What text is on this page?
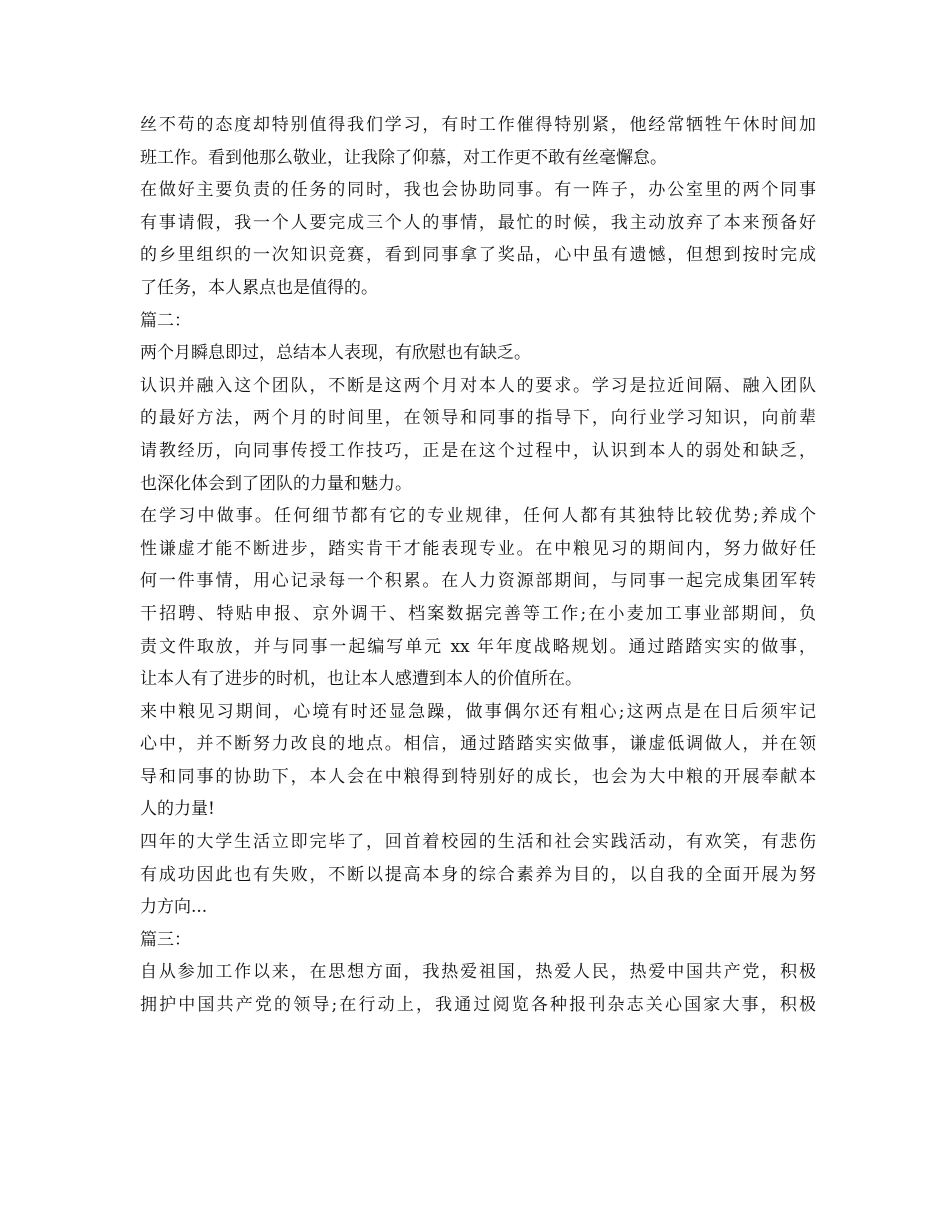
丝不苟的态度却特别值得我们学习，有时工作催得特别紧，他经常牺牲午休时间加
班工作。看到他那么敬业，让我除了仰慕，对工作更不敢有丝毫懈怠。
在做好主要负责的任务的同时，我也会协助同事。有一阵子，办公室里的两个同事
有事请假，我一个人要完成三个人的事情，最忙的时候，我主动放弃了本来预备好
的乡里组织的一次知识竞赛，看到同事拿了奖品，心中虽有遗憾，但想到按时完成
了任务，本人累点也是值得的。
篇二：
两个月瞬息即过，总结本人表现，有欣慰也有缺乏。
认识并融入这个团队，不断是这两个月对本人的要求。学习是拉近间隔、融入团队
的最好方法，两个月的时间里，在领导和同事的指导下，向行业学习知识，向前辈
请教经历，向同事传授工作技巧，正是在这个过程中，认识到本人的弱处和缺乏，
也深化体会到了团队的力量和魅力。
在学习中做事。任何细节都有它的专业规律，任何人都有其独特比较优势;养成个
性谦虚才能不断进步，踏实肯干才能表现专业。在中粮见习的期间内，努力做好任
何一件事情，用心记录每一个积累。在人力资源部期间，与同事一起完成集团军转
干招聘、特贴申报、京外调干、档案数据完善等工作;在小麦加工事业部期间，负
责文件取放，并与同事一起编写单元 xx 年年度战略规划。通过踏踏实实的做事，
让本人有了进步的时机，也让本人感遭到本人的价值所在。
来中粮见习期间，心境有时还显急躁，做事偶尔还有粗心;这两点是在日后须牢记
心中，并不断努力改良的地点。相信，通过踏踏实实做事，谦虚低调做人，并在领
导和同事的协助下，本人会在中粮得到特别好的成长，也会为大中粮的开展奉献本
人的力量!
四年的大学生活立即完毕了，回首着校园的生活和社会实践活动，有欢笑，有悲伤
有成功因此也有失败，不断以提高本身的综合素养为目的，以自我的全面开展为努
力方向...
篇三：
自从参加工作以来，在思想方面，我热爱祖国，热爱人民，热爱中国共产党，积极
拥护中国共产党的领导;在行动上，我通过阅览各种报刊杂志关心国家大事，积极
